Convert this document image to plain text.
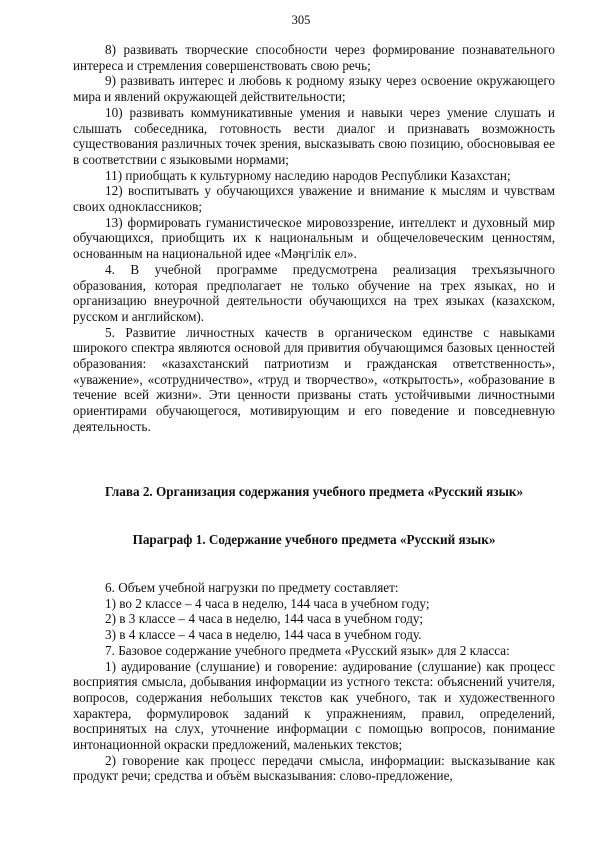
305

8) развивать творческие способности через формирование познавательного интереса и стремления совершенствовать свою речь;

9) развивать интерес и любовь к родному языку через освоение окружающего мира и явлений окружающей действительности;

10) развивать коммуникативные умения и навыки через умение слушать и слышать собеседника, готовность вести диалог и признавать возможность существования различных точек зрения, высказывать свою позицию, обосновывая ее в соответствии с языковыми нормами;

11) приобщать к культурному наследию народов Республики Казахстан;

12) воспитывать у обучающихся уважение и внимание к мыслям и чувствам своих одноклассников;

13) формировать гуманистическое мировоззрение, интеллект и духовный мир обучающихся, приобщить их к национальным и общечеловеческим ценностям, основанным на национальной идее «Мәңгілік ел».

4. В учебной программе предусмотрена реализация трехъязычного образования, которая предполагает не только обучение на трех языках, но и организацию внеурочной деятельности обучающихся на трех языках (казахском, русском и английском).

5. Развитие личностных качеств в органическом единстве с навыками широкого спектра являются основой для привития обучающимся базовых ценностей образования: «казахстанский патриотизм и гражданская ответственность», «уважение», «сотрудничество», «труд и творчество», «открытость», «образование в течение всей жизни». Эти ценности призваны стать устойчивыми личностными ориентирами обучающегося, мотивирующим и его поведение и повседневную деятельность.

Глава 2. Организация содержания учебного предмета «Русский язык»
Параграф 1. Содержание учебного предмета «Русский язык»

6. Объем учебной нагрузки по предмету составляет:

1) во 2 классе – 4 часа в неделю, 144 часа в учебном году;

2) в 3 классе – 4 часа в неделю, 144 часа в учебном году;

3) в 4 классе – 4 часа в неделю, 144 часа в учебном году.

7. Базовое содержание учебного предмета «Русский язык» для 2 класса:

1) аудирование (слушание) и говорение: аудирование (слушание) как процесс восприятия смысла, добывания информации из устного текста: объяснений учителя, вопросов, содержания небольших текстов как учебного, так и художественного характера, формулировок заданий к упражнениям, правил, определений, воспринятых на слух, уточнение информации с помощью вопросов, понимание интонационной окраски предложений, маленьких текстов;

2) говорение как процесс передачи смысла, информации: высказывание как продукт речи; средства и объём высказывания: слово-предложение,
